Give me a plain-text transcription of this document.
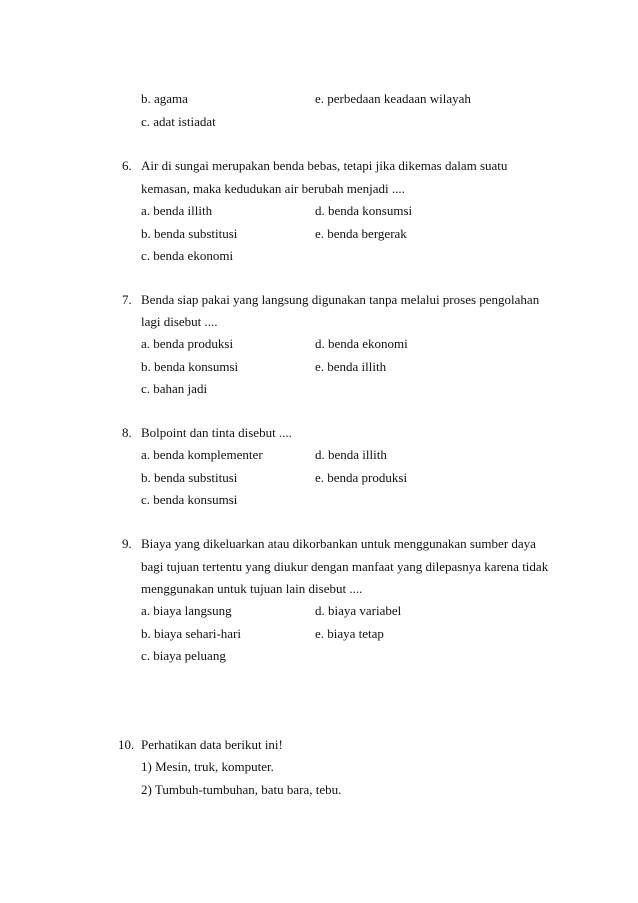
b. agama	e. perbedaan keadaan wilayah
c. adat istiadat
6. Air di sungai merupakan benda bebas, tetapi jika dikemas dalam suatu
kemasan, maka kedudukan air berubah menjadi ....
a. benda illith	d. benda konsumsi
b. benda substitusi	e. benda bergerak
c. benda ekonomi
7. Benda siap pakai yang langsung digunakan tanpa melalui proses pengolahan
lagi disebut ....
a. benda produksi	d. benda ekonomi
b. benda konsumsi	e. benda illith
c. bahan jadi
8. Bolpoint dan tinta disebut ....
a. benda komplementer	d. benda illith
b. benda substitusi	e. benda produksi
c. benda konsumsi
9. Biaya yang dikeluarkan atau dikorbankan untuk menggunakan sumber daya
bagi tujuan tertentu yang diukur dengan manfaat yang dilepasnya karena tidak
menggunakan untuk tujuan lain disebut ....
a. biaya langsung	d. biaya variabel
b. biaya sehari-hari	e. biaya tetap
c. biaya peluang
10. Perhatikan data berikut ini!
1) Mesin, truk, komputer.
2) Tumbuh-tumbuhan, batu bara, tebu.
